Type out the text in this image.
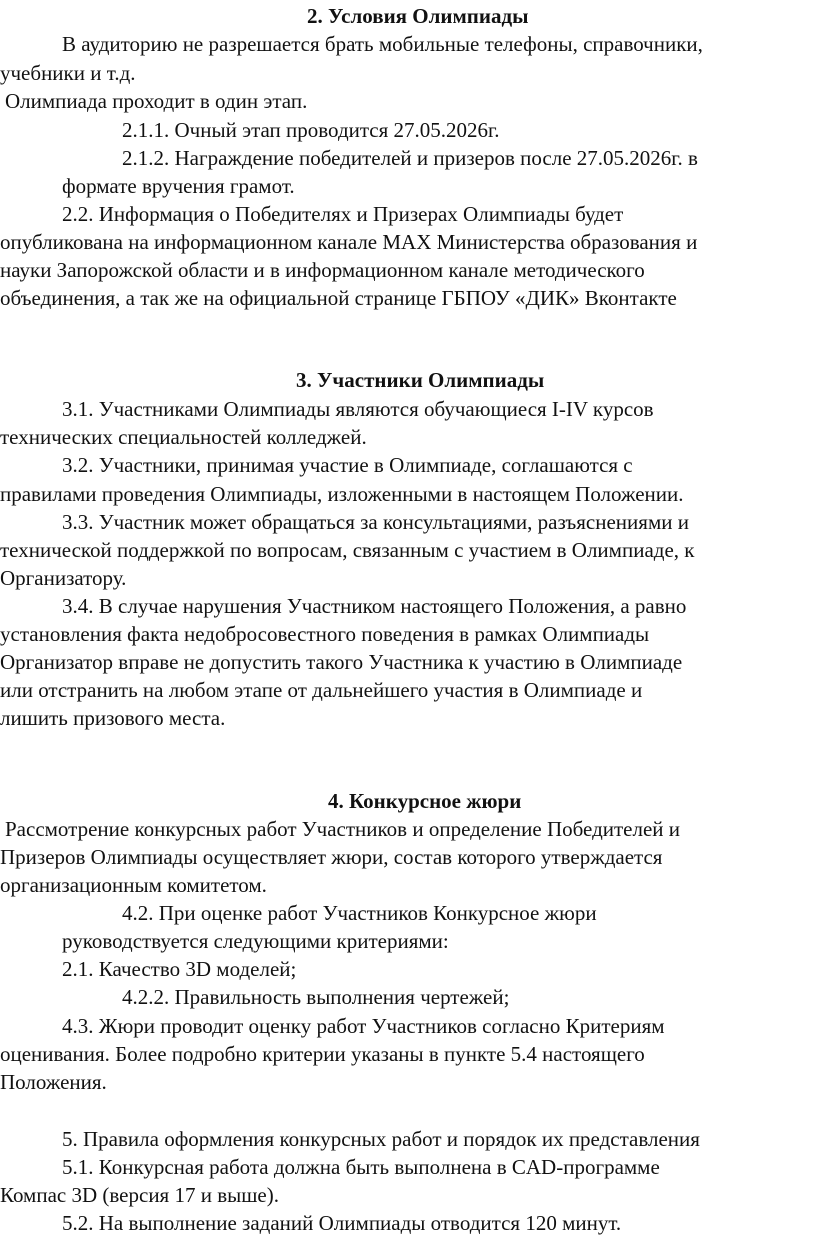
2. Условия Олимпиады
В аудиторию не разрешается брать мобильные телефоны, справочники,
учебники и т.д.
Олимпиада проходит в один этап.
2.1.1. Очный этап проводится 27.05.2026г.
2.1.2. Награждение победителей и призеров после 27.05.2026г. в
формате вручения грамот.
2.2. Информация о Победителях и Призерах Олимпиады будет
опубликована на информационном канале MAX Министерства образования и
науки Запорожской области и в информационном канале методического
объединения, а так же на официальной странице ГБПОУ «ДИК» Вконтакте
3. Участники Олимпиады
3.1. Участниками Олимпиады являются обучающиеся I-IV курсов
технических специальностей колледжей.
3.2. Участники, принимая участие в Олимпиаде, соглашаются с
правилами проведения Олимпиады, изложенными в настоящем Положении.
3.3. Участник может обращаться за консультациями, разъяснениями и
технической поддержкой по вопросам, связанным с участием в Олимпиаде, к
Организатору.
3.4. В случае нарушения Участником настоящего Положения, а равно
установления факта недобросовестного поведения в рамках Олимпиады
Организатор вправе не допустить такого Участника к участию в Олимпиаде
или отстранить на любом этапе от дальнейшего участия в Олимпиаде и
лишить призового места.
4. Конкурсное жюри
Рассмотрение конкурсных работ Участников и определение Победителей и
Призеров Олимпиады осуществляет жюри, состав которого утверждается
организационным комитетом.
4.2. При оценке работ Участников Конкурсное жюри
руководствуется следующими критериями:
2.1. Качество 3D моделей;
4.2.2. Правильность выполнения чертежей;
4.3. Жюри проводит оценку работ Участников согласно Критериям
оценивания. Более подробно критерии указаны в пункте 5.4 настоящего
Положения.
5. Правила оформления конкурсных работ и порядок их представления
5.1. Конкурсная работа должна быть выполнена в CAD-программе
Компас 3D (версия 17 и выше).
5.2. На выполнение заданий Олимпиады отводится 120 минут.
